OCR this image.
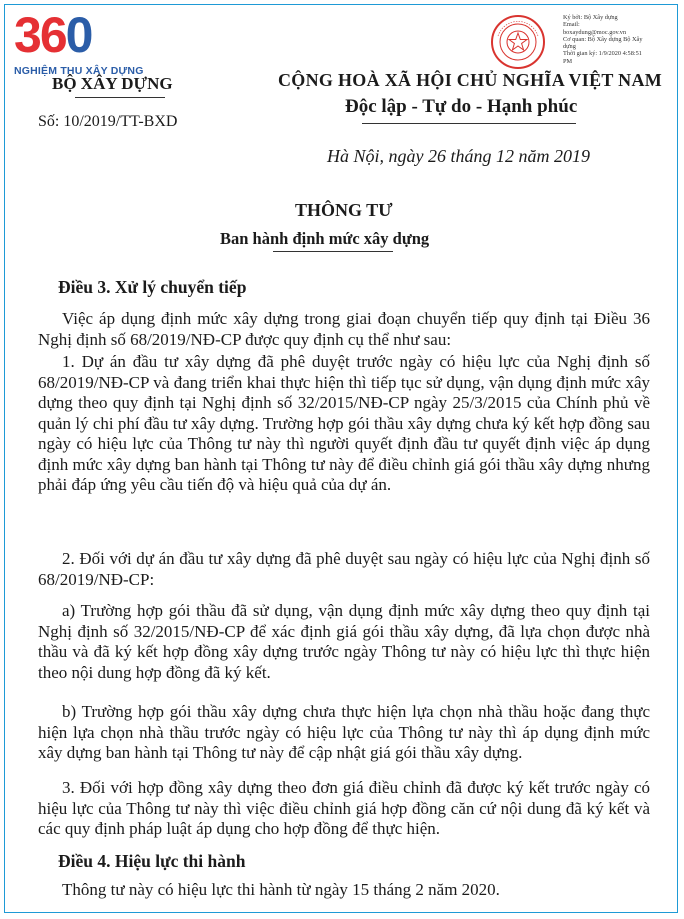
360
NGHIỆM THU XÂY DỰNG
Ký bởi: Bộ Xây dựng
Email:
boxaydung@moc.gov.vn
Cơ quan: Bộ Xây dựng Bộ Xây
dựng
Thời gian ký: 1/9/2020 4:58:51
PM
BỘ XÂY DỰNG
Số: 10/2019/TT-BXD
CỘNG HOÀ XÃ HỘI CHỦ NGHĨA VIỆT NAM
Độc lập - Tự do - Hạnh phúc
Hà Nội, ngày 26 tháng 12 năm 2019
THÔNG TƯ
Ban hành định mức xây dựng
Điều 3. Xử lý chuyển tiếp

Việc áp dụng định mức xây dựng trong giai đoạn chuyển tiếp quy định tại Điều 36 Nghị định số 68/2019/NĐ-CP được quy định cụ thể như sau:

1. Dự án đầu tư xây dựng đã phê duyệt trước ngày có hiệu lực của Nghị định số 68/2019/NĐ-CP và đang triển khai thực hiện thì tiếp tục sử dụng, vận dụng định mức xây dựng theo quy định tại Nghị định số 32/2015/NĐ-CP ngày 25/3/2015 của Chính phủ về quản lý chi phí đầu tư xây dựng. Trường hợp gói thầu xây dựng chưa ký kết hợp đồng sau ngày có hiệu lực của Thông tư này thì người quyết định đầu tư quyết định việc áp dụng định mức xây dựng ban hành tại Thông tư này để điều chỉnh giá gói thầu xây dựng nhưng phải đáp ứng yêu cầu tiến độ và hiệu quả của dự án.

2. Đối với dự án đầu tư xây dựng đã phê duyệt sau ngày có hiệu lực của Nghị định số 68/2019/NĐ-CP:

a) Trường hợp gói thầu đã sử dụng, vận dụng định mức xây dựng theo quy định tại Nghị định số 32/2015/NĐ-CP để xác định giá gói thầu xây dựng, đã lựa chọn được nhà thầu và đã ký kết hợp đồng xây dựng trước ngày Thông tư này có hiệu lực thì thực hiện theo nội dung hợp đồng đã ký kết.

b) Trường hợp gói thầu xây dựng chưa thực hiện lựa chọn nhà thầu hoặc đang thực hiện lựa chọn nhà thầu trước ngày có hiệu lực của Thông tư này thì áp dụng định mức xây dựng ban hành tại Thông tư này để cập nhật giá gói thầu xây dựng.

3. Đối với hợp đồng xây dựng theo đơn giá điều chỉnh đã được ký kết trước ngày có hiệu lực của Thông tư này thì việc điều chỉnh giá hợp đồng căn cứ nội dung đã ký kết và các quy định pháp luật áp dụng cho hợp đồng để thực hiện.

Điều 4. Hiệu lực thi hành

Thông tư này có hiệu lực thi hành từ ngày 15 tháng 2 năm 2020.
